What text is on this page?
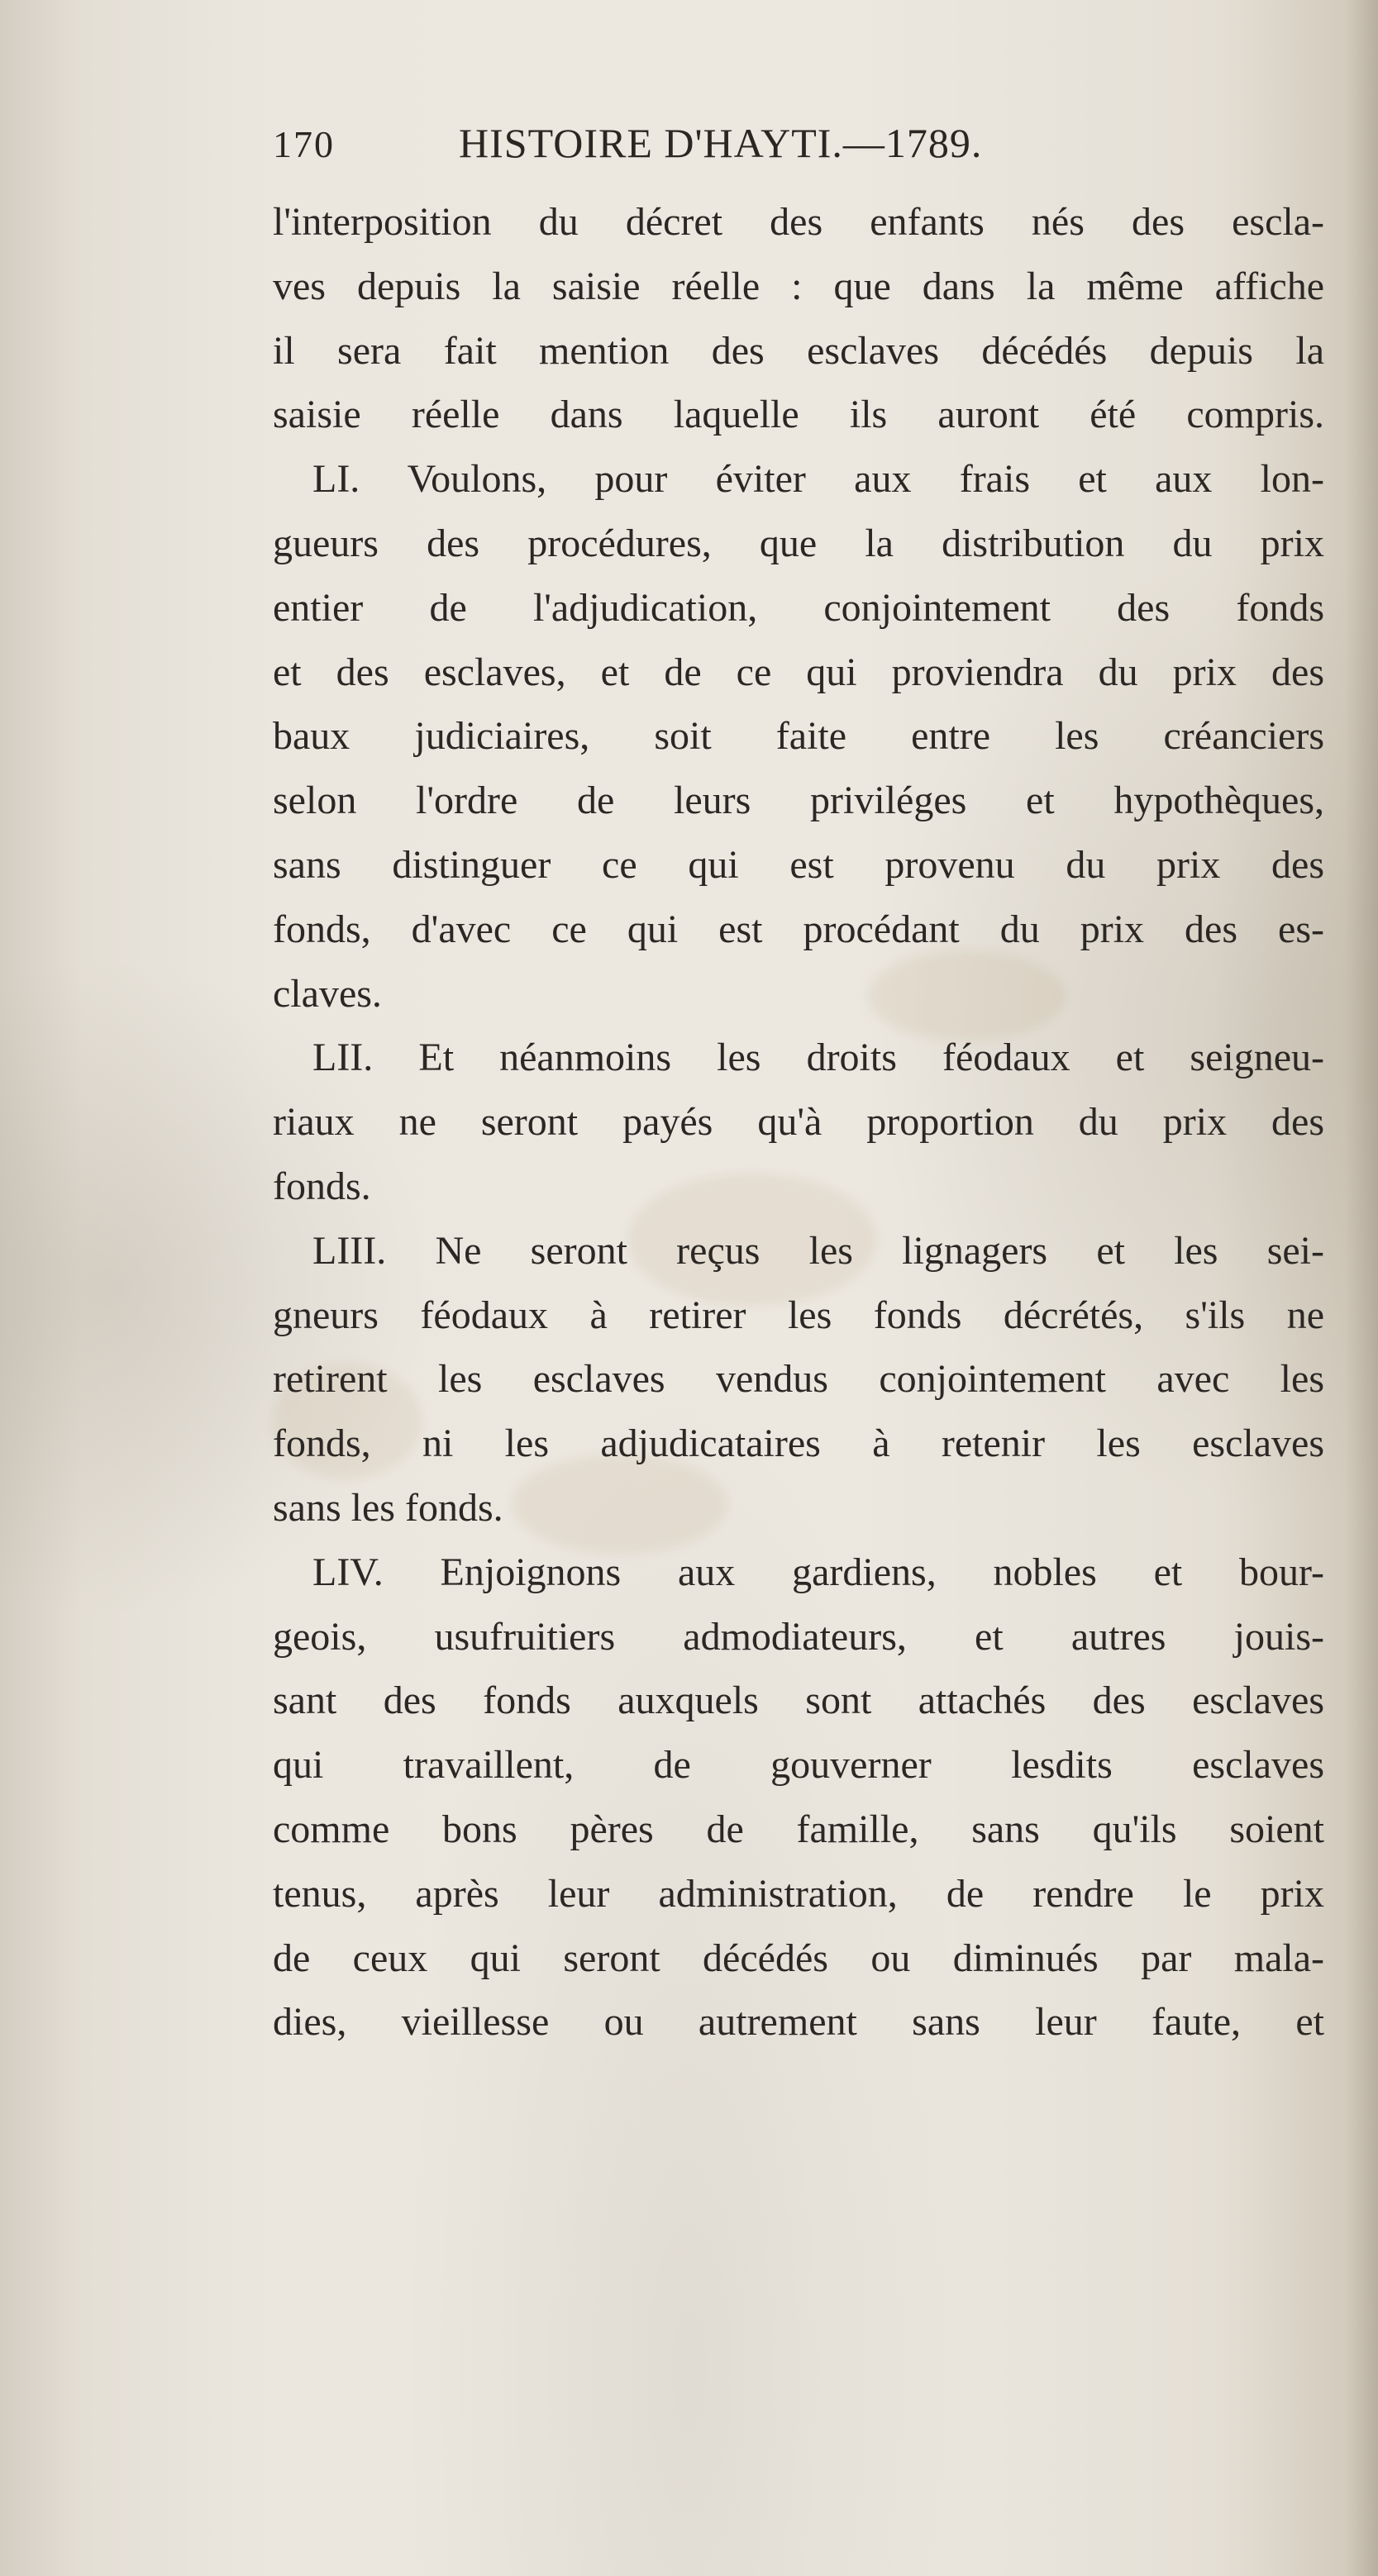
170	HISTOIRE D'HAYTI.—1789.
l'interposition du décret des enfants nés des escla-
ves depuis la saisie réelle : que dans la même affiche
il sera fait mention des esclaves décédés depuis la
saisie réelle dans laquelle ils auront été compris.
LI. Voulons, pour éviter aux frais et aux lon-
gueurs des procédures, que la distribution du prix
entier de l'adjudication, conjointement des fonds
et des esclaves, et de ce qui proviendra du prix des
baux judiciaires, soit faite entre les créanciers
selon l'ordre de leurs priviléges et hypothèques,
sans distinguer ce qui est provenu du prix des
fonds, d'avec ce qui est procédant du prix des es-
claves.
LII. Et néanmoins les droits féodaux et seigneu-
riaux ne seront payés qu'à proportion du prix des
fonds.
LIII. Ne seront reçus les lignagers et les sei-
gneurs féodaux à retirer les fonds décrétés, s'ils ne
retirent les esclaves vendus conjointement avec les
fonds, ni les adjudicataires à retenir les esclaves
sans les fonds.
LIV. Enjoignons aux gardiens, nobles et bour-
geois, usufruitiers admodiateurs, et autres jouis-
sant des fonds auxquels sont attachés des esclaves
qui travaillent, de gouverner lesdits esclaves
comme bons pères de famille, sans qu'ils soient
tenus, après leur administration, de rendre le prix
de ceux qui seront décédés ou diminués par mala-
dies, vieillesse ou autrement sans leur faute, et
